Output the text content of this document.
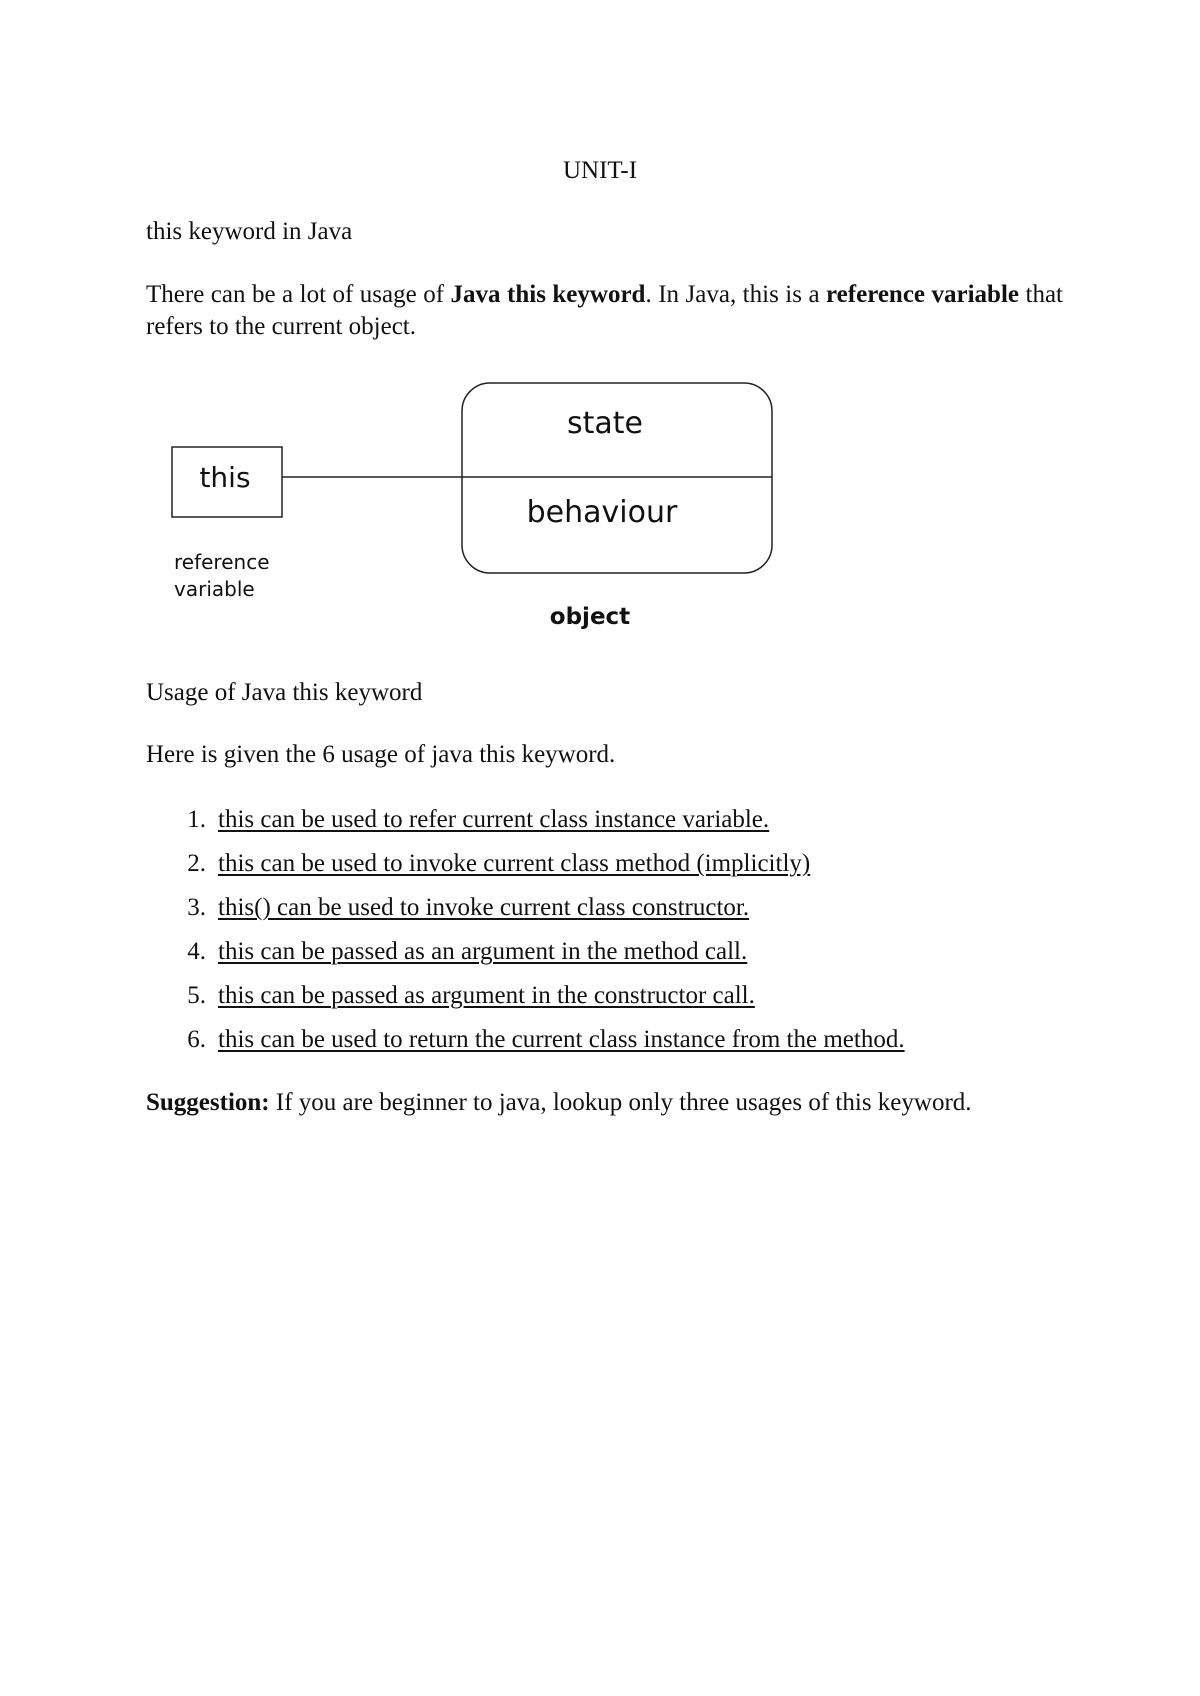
UNIT-I
this keyword in Java
There can be a lot of usage of Java this keyword. In Java, this is a reference variable that refers to the current object.
this
state
behaviour
reference
variable
object
Usage of Java this keyword
Here is given the 6 usage of java this keyword.
1. this can be used to refer current class instance variable.
2. this can be used to invoke current class method (implicitly)
3. this() can be used to invoke current class constructor.
4. this can be passed as an argument in the method call.
5. this can be passed as argument in the constructor call.
6. this can be used to return the current class instance from the method.
Suggestion: If you are beginner to java, lookup only three usages of this keyword.
